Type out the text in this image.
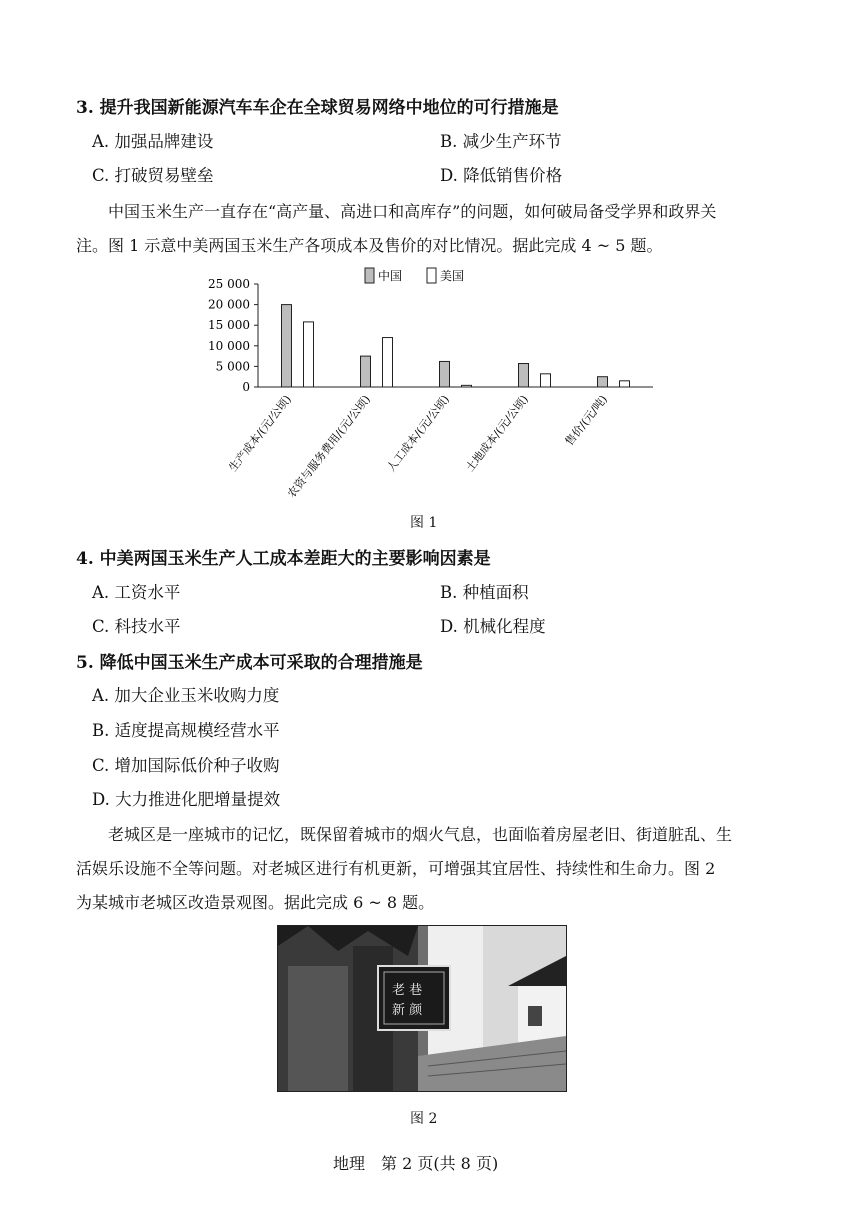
3. 提升我国新能源汽车车企在全球贸易网络中地位的可行措施是
A. 加强品牌建设	B. 减少生产环节
C. 打破贸易壁垒	D. 降低销售价格
中国玉米生产一直存在“高产量、高进口和高库存”的问题，如何破局备受学界和政界关
注。图 1 示意中美两国玉米生产各项成本及售价的对比情况。据此完成 4 ~ 5 题。
中国	美国
25 000
20 000
15 000
10 000
5 000
0
生产成本/(元/公顷)
农资与服务费用/(元/公顷) 人工成本/(元/公顷) 土地成本/(元/公顷)	售价/(元/吨)
图 1
4. 中美两国玉米生产人工成本差距大的主要影响因素是
A. 工资水平	B. 种植面积
C. 科技水平	D. 机械化程度
5. 降低中国玉米生产成本可采取的合理措施是
A. 加大企业玉米收购力度
B. 适度提高规模经营水平
C. 增加国际低价种子收购
D. 大力推进化肥增量提效
老城区是一座城市的记忆，既保留着城市的烟火气息，也面临着房屋老旧、街道脏乱、生
活娱乐设施不全等问题。对老城区进行有机更新，可增强其宜居性、持续性和生命力。图 2
为某城市老城区改造景观图。据此完成 6 ~ 8 题。
老 巷
新 颜
图 2
地理　第 2 页(共 8 页)
